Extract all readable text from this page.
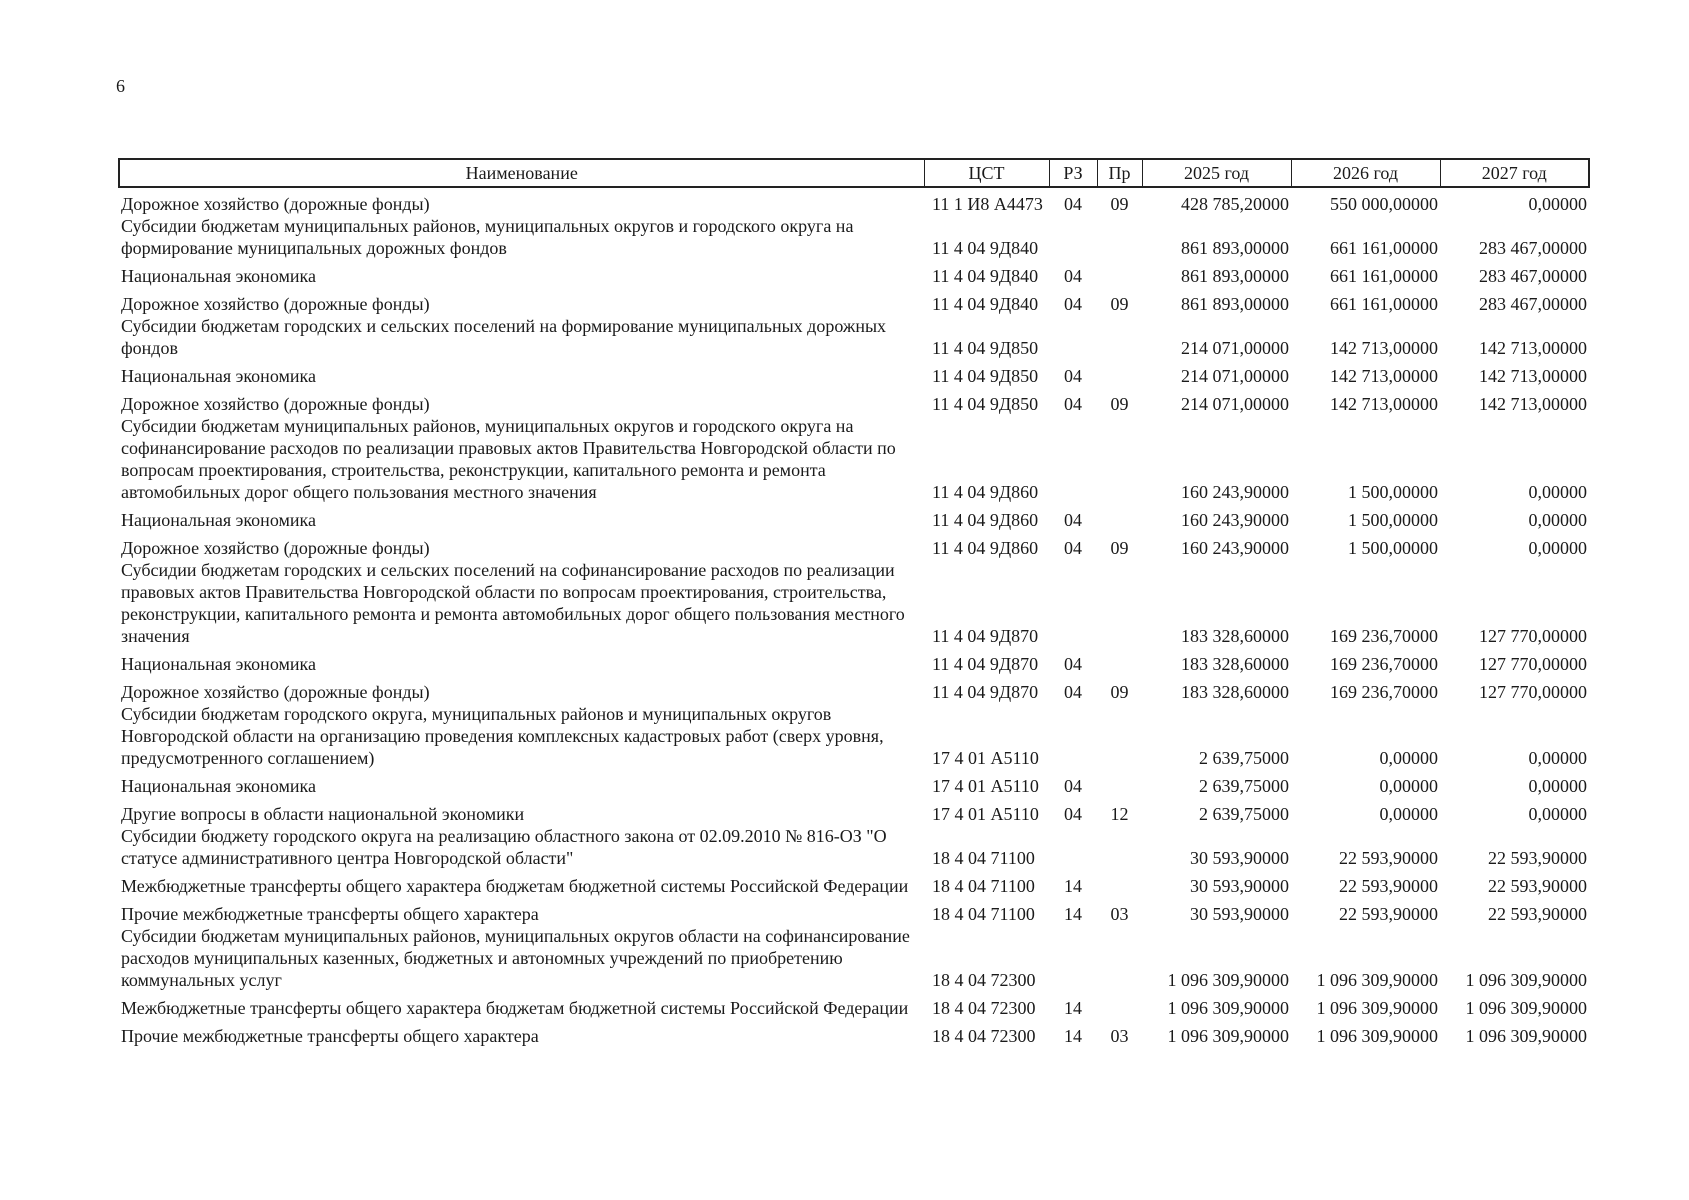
6
Наименование	ЦСТ	РЗ	Пр	2025 год	2026 год	2027 год
Дорожное хозяйство (дорожные фонды)	11 1 И8 А4473	04	09	428 785,20000	550 000,00000	0,00000
Субсидии бюджетам муниципальных районов, муниципальных округов и городского округа на формирование муниципальных дорожных фондов	11 4 04 9Д840			861 893,00000	661 161,00000	283 467,00000
Национальная экономика	11 4 04 9Д840	04		861 893,00000	661 161,00000	283 467,00000
Дорожное хозяйство (дорожные фонды)	11 4 04 9Д840	04	09	861 893,00000	661 161,00000	283 467,00000
Субсидии бюджетам городских и сельских поселений на формирование муниципальных дорожных фондов	11 4 04 9Д850			214 071,00000	142 713,00000	142 713,00000
Национальная экономика	11 4 04 9Д850	04		214 071,00000	142 713,00000	142 713,00000
Дорожное хозяйство (дорожные фонды)	11 4 04 9Д850	04	09	214 071,00000	142 713,00000	142 713,00000
Субсидии бюджетам муниципальных районов, муниципальных округов и городского округа на софинансирование расходов по реализации правовых актов Правительства Новгородской области по вопросам проектирования, строительства, реконструкции, капитального ремонта и ремонта автомобильных дорог общего пользования местного значения	11 4 04 9Д860			160 243,90000	1 500,00000	0,00000
Национальная экономика	11 4 04 9Д860	04		160 243,90000	1 500,00000	0,00000
Дорожное хозяйство (дорожные фонды)	11 4 04 9Д860	04	09	160 243,90000	1 500,00000	0,00000
Субсидии бюджетам городских и сельских поселений на софинансирование расходов по реализации правовых актов Правительства Новгородской области по вопросам проектирования, строительства, реконструкции, капитального ремонта и ремонта автомобильных дорог общего пользования местного значения	11 4 04 9Д870			183 328,60000	169 236,70000	127 770,00000
Национальная экономика	11 4 04 9Д870	04		183 328,60000	169 236,70000	127 770,00000
Дорожное хозяйство (дорожные фонды)	11 4 04 9Д870	04	09	183 328,60000	169 236,70000	127 770,00000
Субсидии бюджетам городского округа, муниципальных районов и муниципальных округов Новгородской области на организацию проведения комплексных кадастровых работ (сверх уровня, предусмотренного соглашением)	17 4 01 А5110			2 639,75000	0,00000	0,00000
Национальная экономика	17 4 01 А5110	04		2 639,75000	0,00000	0,00000
Другие вопросы в области национальной экономики	17 4 01 А5110	04	12	2 639,75000	0,00000	0,00000
Субсидии бюджету городского округа на реализацию областного закона от 02.09.2010 № 816-ОЗ "О статусе административного центра Новгородской области"	18 4 04 71100			30 593,90000	22 593,90000	22 593,90000
Межбюджетные трансферты общего характера бюджетам бюджетной системы Российской Федерации	18 4 04 71100	14		30 593,90000	22 593,90000	22 593,90000
Прочие межбюджетные трансферты общего характера	18 4 04 71100	14	03	30 593,90000	22 593,90000	22 593,90000
Субсидии бюджетам муниципальных районов, муниципальных округов области на софинансирование расходов муниципальных казенных, бюджетных и автономных учреждений по приобретению коммунальных услуг	18 4 04 72300			1 096 309,90000	1 096 309,90000	1 096 309,90000
Межбюджетные трансферты общего характера бюджетам бюджетной системы Российской Федерации	18 4 04 72300	14		1 096 309,90000	1 096 309,90000	1 096 309,90000
Прочие межбюджетные трансферты общего характера	18 4 04 72300	14	03	1 096 309,90000	1 096 309,90000	1 096 309,90000
